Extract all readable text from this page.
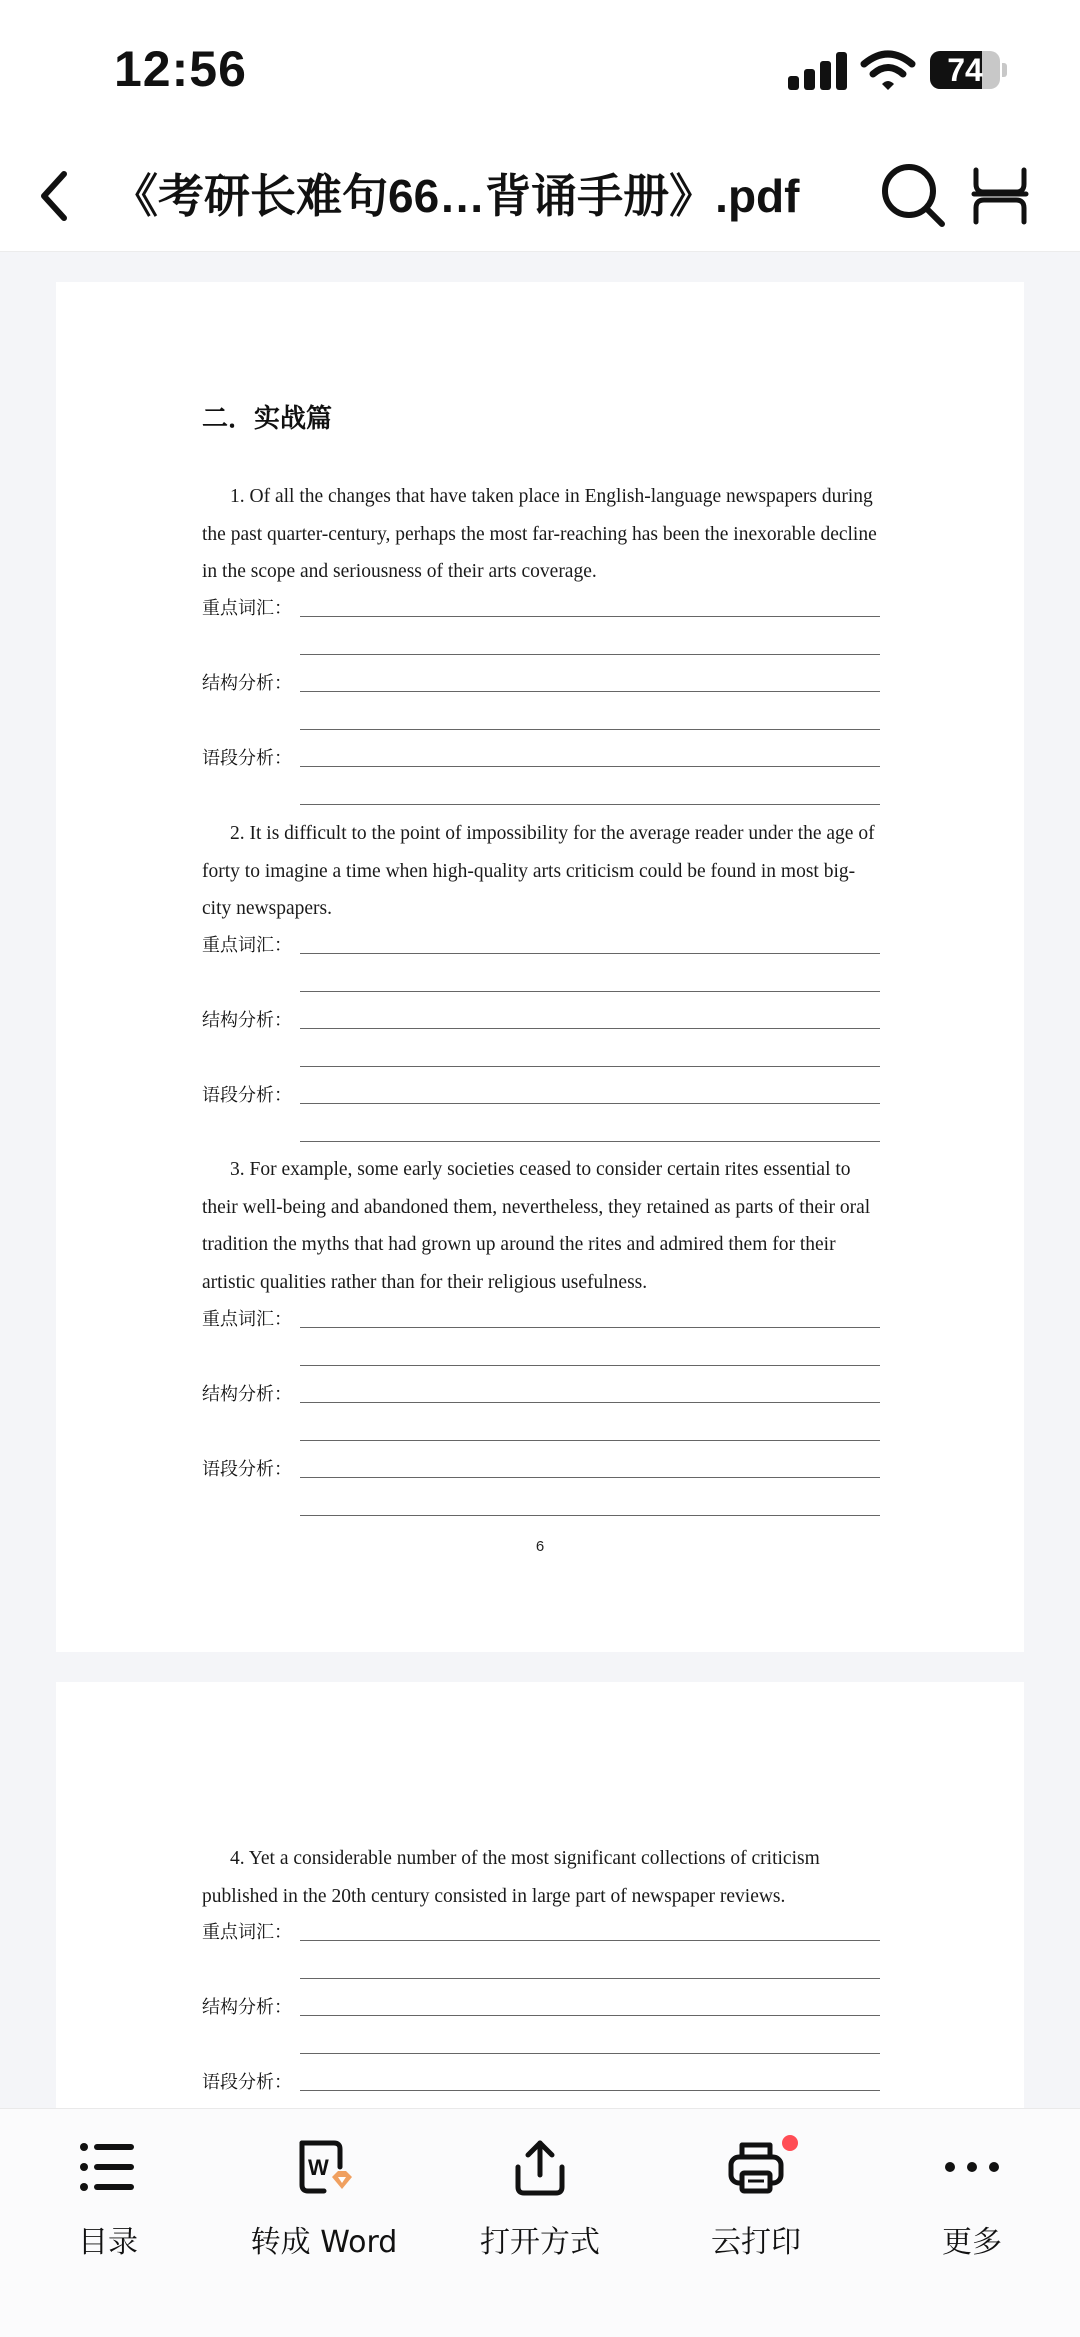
12:56	74
《考研长难句66…背诵手册》.pdf
二．实战篇
1. Of all the changes that have taken place in English-language newspapers during the past quarter-century, perhaps the most far-reaching has been the inexorable decline in the scope and seriousness of their arts coverage.
重点词汇：
结构分析：
语段分析：
2. It is difficult to the point of impossibility for the average reader under the age of forty to imagine a time when high-quality arts criticism could be found in most big-city newspapers.
重点词汇：
结构分析：
语段分析：
3. For example, some early societies ceased to consider certain rites essential to their well-being and abandoned them, nevertheless, they retained as parts of their oral tradition the myths that had grown up around the rites and admired them for their artistic qualities rather than for their religious usefulness.
重点词汇：
结构分析：
语段分析：
6
4. Yet a considerable number of the most significant collections of criticism published in the 20th century consisted in large part of newspaper reviews.
重点词汇：
结构分析：
语段分析：
目录
W
转成 Word	打开方式	云打印	更多
